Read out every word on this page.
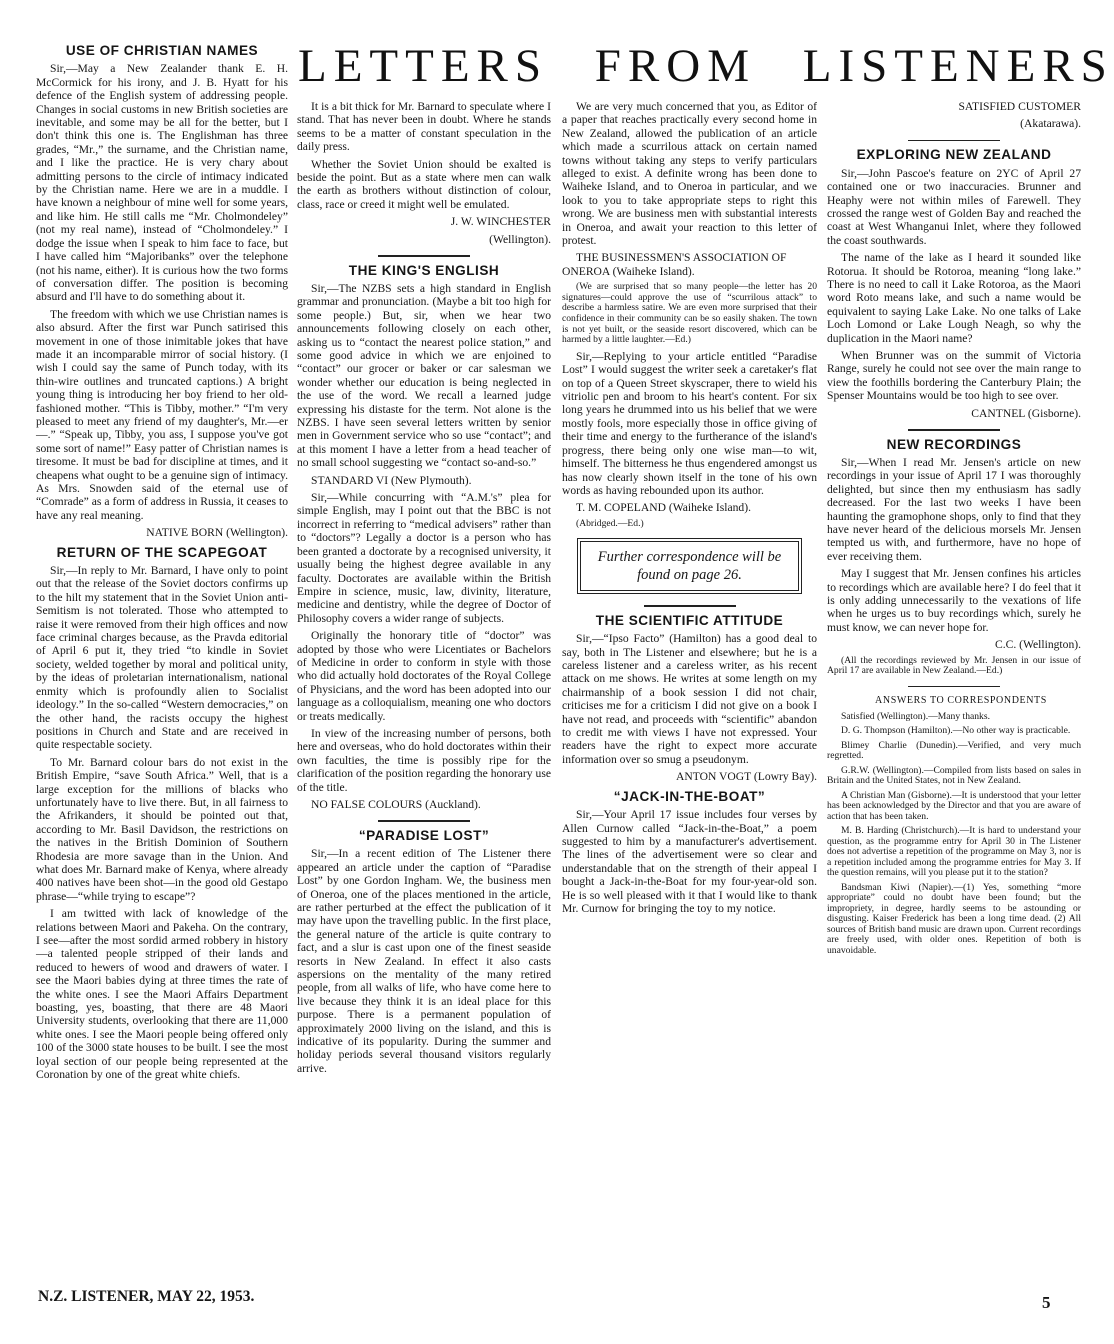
LETTERS FROM LISTENERS
USE OF CHRISTIAN NAMES

Sir,—May a New Zealander thank E. H. McCormick for his irony, and J. B. Hyatt for his defence of the English system of addressing people. Changes in social customs in new British societies are inevitable, and some may be all for the better, but I don't think this one is. The Englishman has three grades, “Mr.,” the surname, and the Christian name, and I like the practice. He is very chary about admitting persons to the circle of intimacy indicated by the Christian name. Here we are in a muddle. I have known a neighbour of mine well for some years, and like him. He still calls me “Mr. Cholmondeley” (not my real name), instead of “Cholmondeley.” I dodge the issue when I speak to him face to face, but I have called him “Majoribanks” over the telephone (not his name, either). It is curious how the two forms of conversation differ. The position is becoming absurd and I'll have to do something about it.

The freedom with which we use Christian names is also absurd. After the first war Punch satirised this movement in one of those inimitable jokes that have made it an incomparable mirror of social history. (I wish I could say the same of Punch today, with its thin-wire outlines and truncated captions.) A bright young thing is introducing her boy friend to her old-fashioned mother. “This is Tibby, mother.” “I'm very pleased to meet any friend of my daughter's, Mr.—er—.” “Speak up, Tibby, you ass, I suppose you've got some sort of name!” Easy patter of Christian names is tiresome. It must be bad for discipline at times, and it cheapens what ought to be a genuine sign of intimacy. As Mrs. Snowden said of the eternal use of “Comrade” as a form of address in Russia, it ceases to have any real meaning.

NATIVE BORN (Wellington).

RETURN OF THE SCAPEGOAT

Sir,—In reply to Mr. Barnard, I have only to point out that the release of the Soviet doctors confirms up to the hilt my statement that in the Soviet Union anti-Semitism is not tolerated. Those who attempted to raise it were removed from their high offices and now face criminal charges because, as the Pravda editorial of April 6 put it, they tried “to kindle in Soviet society, welded together by moral and political unity, by the ideas of proletarian internationalism, national enmity which is profoundly alien to Socialist ideology.” In the so-called “Western democracies,” on the other hand, the racists occupy the highest positions in Church and State and are received in quite respectable society.

To Mr. Barnard colour bars do not exist in the British Empire, “save South Africa.” Well, that is a large exception for the millions of blacks who unfortunately have to live there. But, in all fairness to the Afrikanders, it should be pointed out that, according to Mr. Basil Davidson, the restrictions on the natives in the British Dominion of Southern Rhodesia are more savage than in the Union. And what does Mr. Barnard make of Kenya, where already 400 natives have been shot—in the good old Gestapo phrase—“while trying to escape”?

I am twitted with lack of knowledge of the relations between Maori and Pakeha. On the contrary, I see—after the most sordid armed robbery in history—a talented people stripped of their lands and reduced to hewers of wood and drawers of water. I see the Maori babies dying at three times the rate of the white ones. I see the Maori Affairs Department boasting, yes, boasting, that there are 48 Maori University students, overlooking that there are 11,000 white ones. I see the Maori people being offered only 100 of the 3000 state houses to be built. I see the most loyal section of our people being represented at the Coronation by one of the great white chiefs.

It is a bit thick for Mr. Barnard to speculate where I stand. That has never been in doubt. Where he stands seems to be a matter of constant speculation in the daily press.

Whether the Soviet Union should be exalted is beside the point. But as a state where men can walk the earth as brothers without distinction of colour, class, race or creed it might well be emulated.

J. W. WINCHESTER

(Wellington).

THE KING'S ENGLISH

Sir,—The NZBS sets a high standard in English grammar and pronunciation. (Maybe a bit too high for some people.) But, sir, when we hear two announcements following closely on each other, asking us to “contact the nearest police station,” and some good advice in which we are enjoined to “contact” our grocer or baker or car salesman we wonder whether our education is being neglected in the use of the word. We recall a learned judge expressing his distaste for the term. Not alone is the NZBS. I have seen several letters written by senior men in Government service who so use “contact”; and at this moment I have a letter from a head teacher of no small school suggesting we “contact so-and-so.”

STANDARD VI (New Plymouth).

Sir,—While concurring with “A.M.'s” plea for simple English, may I point out that the BBC is not incorrect in referring to “medical advisers” rather than to “doctors”? Legally a doctor is a person who has been granted a doctorate by a recognised university, it usually being the highest degree available in any faculty. Doctorates are available within the British Empire in science, music, law, divinity, literature, medicine and dentistry, while the degree of Doctor of Philosophy covers a wider range of subjects.

Originally the honorary title of “doctor” was adopted by those who were Licentiates or Bachelors of Medicine in order to conform in style with those who did actually hold doctorates of the Royal College of Physicians, and the word has been adopted into our language as a colloquialism, meaning one who doctors or treats medically.

In view of the increasing number of persons, both here and overseas, who do hold doctorates within their own faculties, the time is possibly ripe for the clarification of the position regarding the honorary use of the title.

NO FALSE COLOURS (Auckland).

“PARADISE LOST”

Sir,—In a recent edition of The Listener there appeared an article under the caption of “Paradise Lost” by one Gordon Ingham. We, the business men of Oneroa, one of the places mentioned in the article, are rather perturbed at the effect the publication of it may have upon the travelling public. In the first place, the general nature of the article is quite contrary to fact, and a slur is cast upon one of the finest seaside resorts in New Zealand. In effect it also casts aspersions on the mentality of the many retired people, from all walks of life, who have come here to live because they think it is an ideal place for this purpose. There is a permanent population of approximately 2000 living on the island, and this is indicative of its popularity. During the summer and holiday periods several thousand visitors regularly arrive.

We are very much concerned that you, as Editor of a paper that reaches practically every second home in New Zealand, allowed the publication of an article which made a scurrilous attack on certain named towns without taking any steps to verify particulars alleged to exist. A definite wrong has been done to Waiheke Island, and to Oneroa in particular, and we look to you to take appropriate steps to right this wrong. We are business men with substantial interests in Oneroa, and await your reaction to this letter of protest.

THE BUSINESSMEN'S ASSOCIATION OF ONEROA (Waiheke Island).

(We are surprised that so many people—the letter has 20 signatures—could approve the use of “scurrilous attack” to describe a harmless satire. We are even more surprised that their confidence in their community can be so easily shaken. The town is not yet built, or the seaside resort discovered, which can be harmed by a little laughter.—Ed.)

Sir,—Replying to your article entitled “Paradise Lost” I would suggest the writer seek a caretaker's flat on top of a Queen Street skyscraper, there to wield his vitriolic pen and broom to his heart's content. For six long years he drummed into us his belief that we were mostly fools, more especially those in office giving of their time and energy to the furtherance of the island's progress, there being only one wise man—to wit, himself. The bitterness he thus engendered amongst us has now clearly shown itself in the tone of his own words as having rebounded upon its author.

T. M. COPELAND (Waiheke Island).

(Abridged.—Ed.)

Further correspondence will be found on page 26.
THE SCIENTIFIC ATTITUDE

Sir,—“Ipso Facto” (Hamilton) has a good deal to say, both in The Listener and elsewhere; but he is a careless listener and a careless writer, as his recent attack on me shows. He writes at some length on my chairmanship of a book session I did not chair, criticises me for a criticism I did not give on a book I have not read, and proceeds with “scientific” abandon to credit me with views I have not expressed. Your readers have the right to expect more accurate information over so smug a pseudonym.

ANTON VOGT (Lowry Bay).

“JACK-IN-THE-BOAT”

Sir,—Your April 17 issue includes four verses by Allen Curnow called “Jack-in-the-Boat,” a poem suggested to him by a manufacturer's advertisement. The lines of the advertisement were so clear and understandable that on the strength of their appeal I bought a Jack-in-the-Boat for my four-year-old son. He is so well pleased with it that I would like to thank Mr. Curnow for bringing the toy to my notice.

SATISFIED CUSTOMER

(Akatarawa).

EXPLORING NEW ZEALAND

Sir,—John Pascoe's feature on 2YC of April 27 contained one or two inaccuracies. Brunner and Heaphy were not within miles of Farewell. They crossed the range west of Golden Bay and reached the coast at West Whanganui Inlet, where they followed the coast southwards.

The name of the lake as I heard it sounded like Rotorua. It should be Rotoroa, meaning “long lake.” There is no need to call it Lake Rotoroa, as the Maori word Roto means lake, and such a name would be equivalent to saying Lake Lake. No one talks of Lake Loch Lomond or Lake Lough Neagh, so why the duplication in the Maori name?

When Brunner was on the summit of Victoria Range, surely he could not see over the main range to view the foothills bordering the Canterbury Plain; the Spenser Mountains would be too high to see over.

CANTNEL (Gisborne).

NEW RECORDINGS

Sir,—When I read Mr. Jensen's article on new recordings in your issue of April 17 I was thoroughly delighted, but since then my enthusiasm has sadly decreased. For the last two weeks I have been haunting the gramophone shops, only to find that they have never heard of the delicious morsels Mr. Jensen tempted us with, and furthermore, have no hope of ever receiving them.

May I suggest that Mr. Jensen confines his articles to recordings which are available here? I do feel that it is only adding unnecessarily to the vexations of life when he urges us to buy recordings which, surely he must know, we can never hope for.

C.C. (Wellington).

(All the recordings reviewed by Mr. Jensen in our issue of April 17 are available in New Zealand.—Ed.)

ANSWERS TO CORRESPONDENTS

Satisfied (Wellington).—Many thanks.

D. G. Thompson (Hamilton).—No other way is practicable.

Blimey Charlie (Dunedin).—Verified, and very much regretted.

G.R.W. (Wellington).—Compiled from lists based on sales in Britain and the United States, not in New Zealand.

A Christian Man (Gisborne).—It is understood that your letter has been acknowledged by the Director and that you are aware of action that has been taken.

M. B. Harding (Christchurch).—It is hard to understand your question, as the programme entry for April 30 in The Listener does not advertise a repetition of the programme on May 3, nor is a repetition included among the programme entries for May 3. If the question remains, will you please put it to the station?

Bandsman Kiwi (Napier).—(1) Yes, something “more appropriate” could no doubt have been found; but the impropriety, in degree, hardly seems to be astounding or disgusting. Kaiser Frederick has been a long time dead. (2) All sources of British band music are drawn upon. Current recordings are freely used, with older ones. Repetition of both is unavoidable.

N.Z. LISTENER, MAY 22, 1953.	5
